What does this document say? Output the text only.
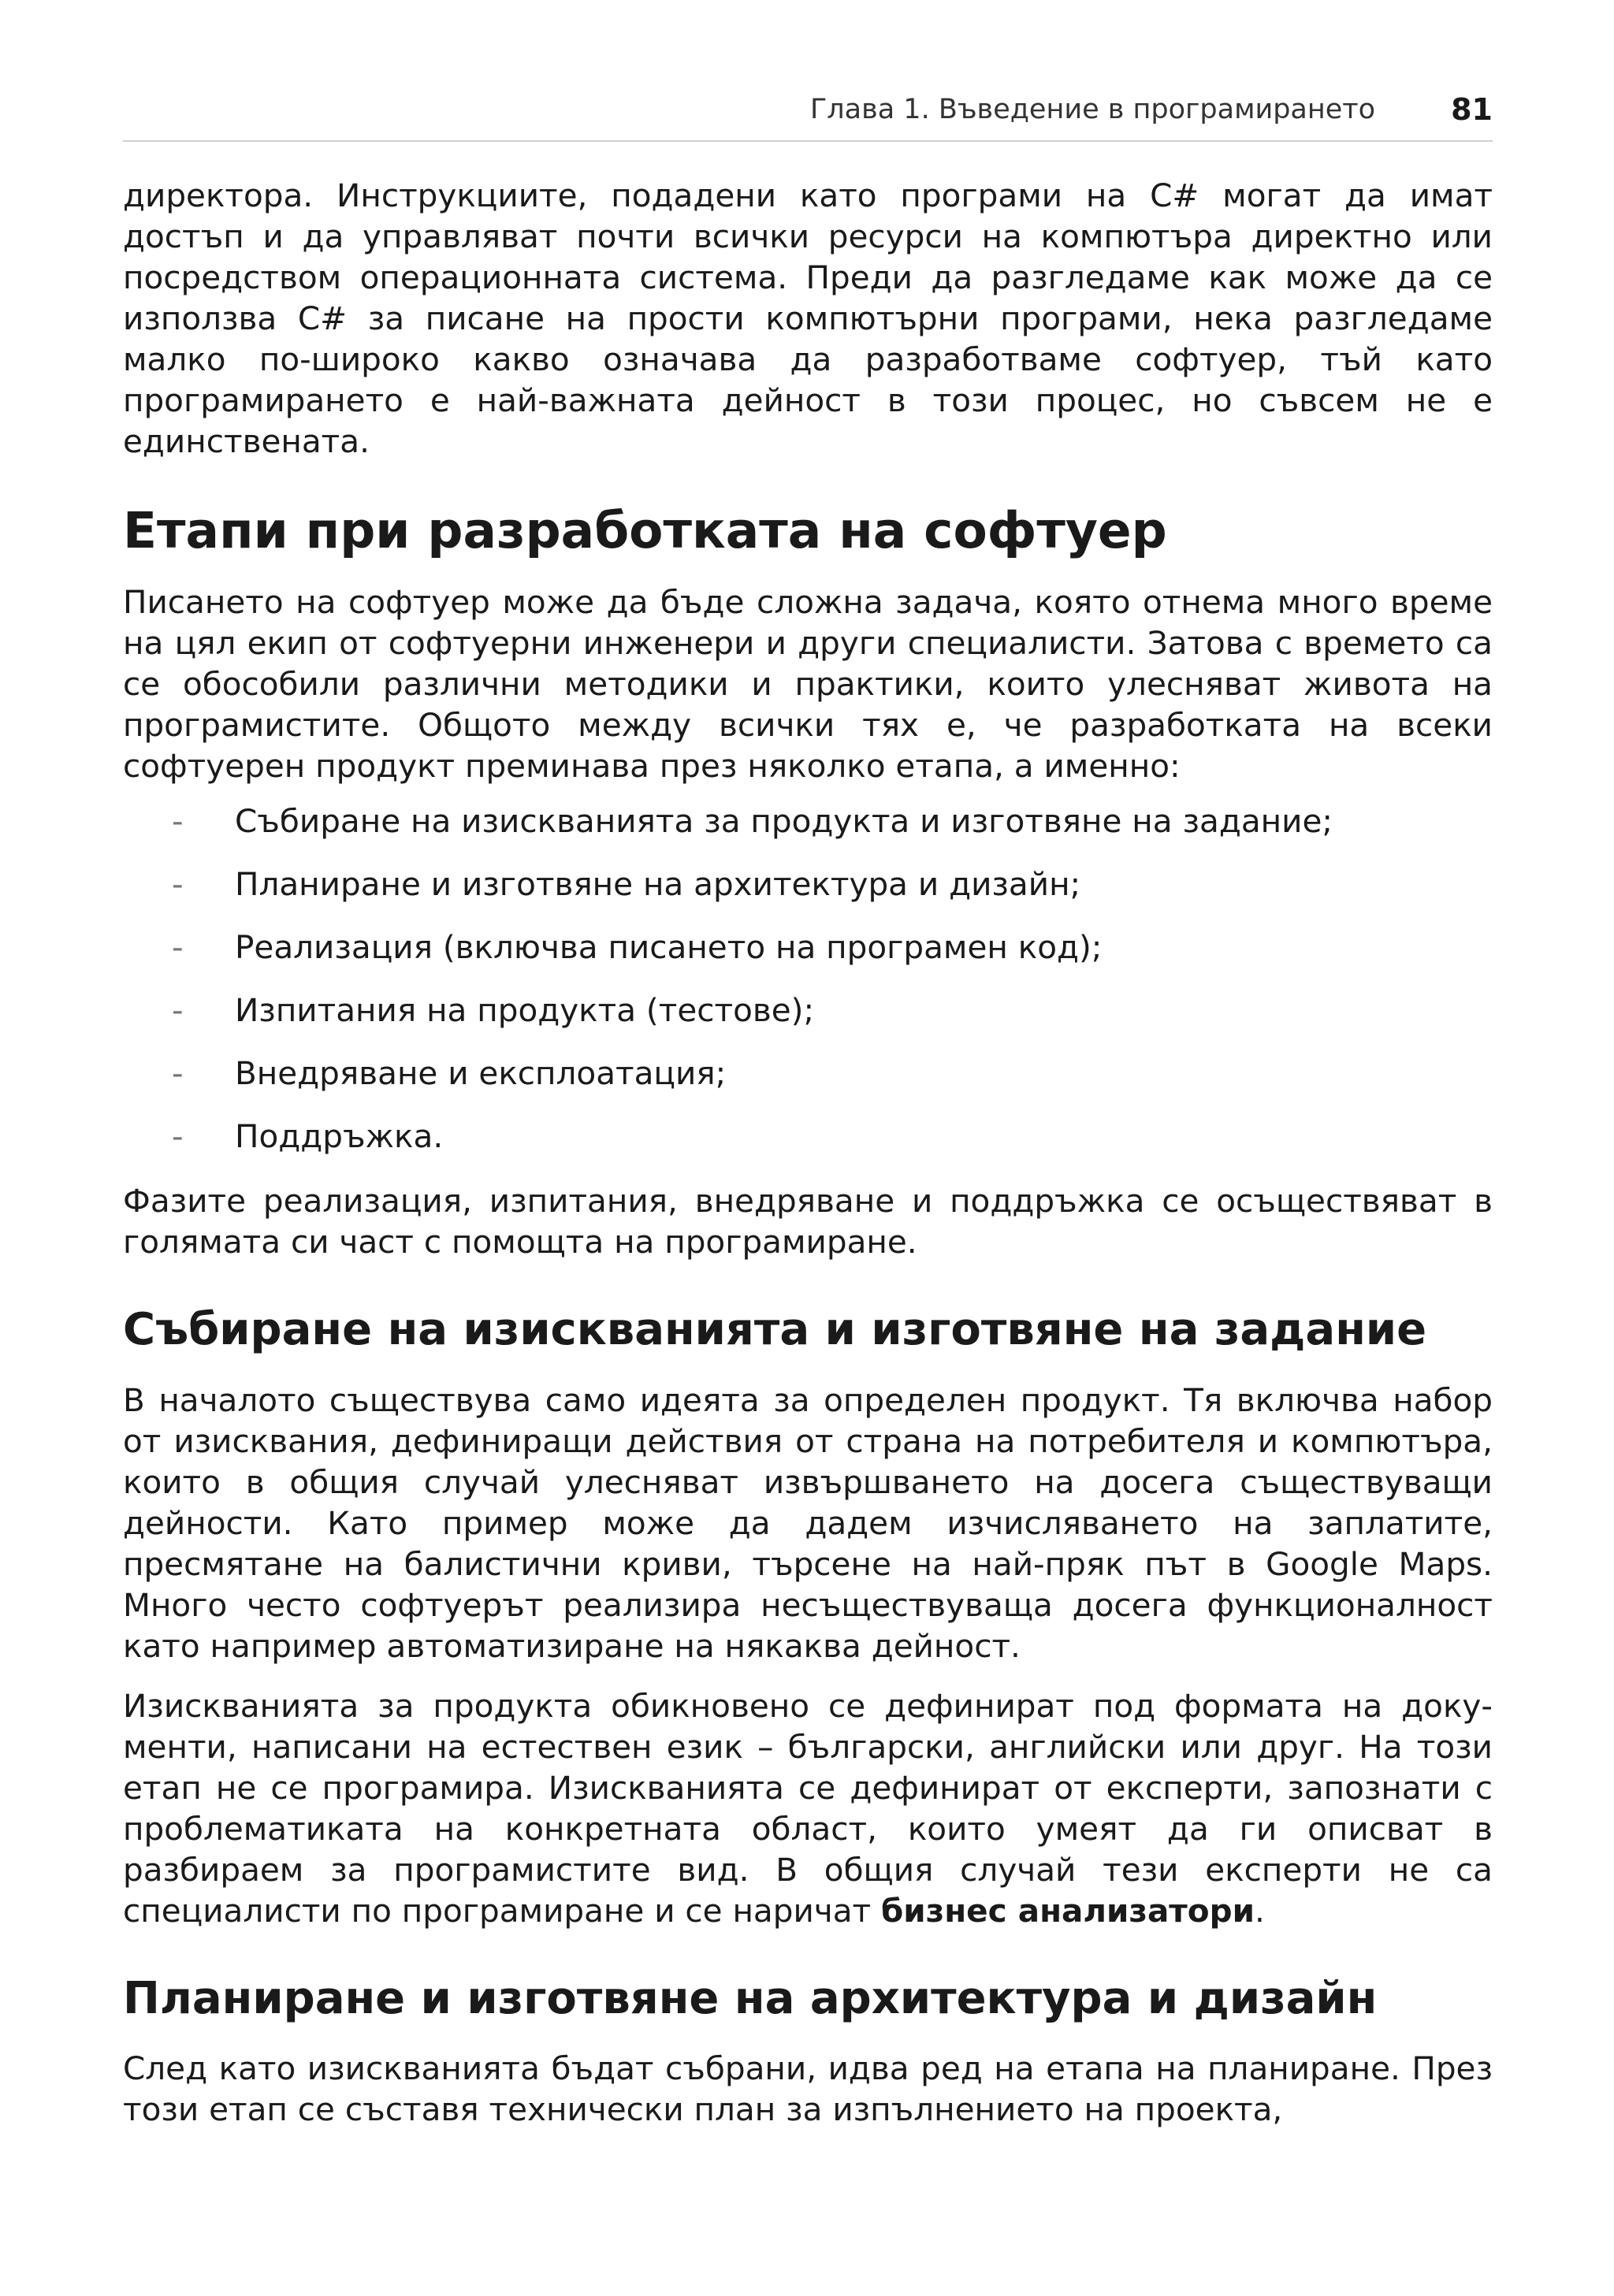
Глава 1. Въведение в програмирането	81

директора. Инструкциите, подадени като програми на C# могат да имат достъп и да управляват почти всички ресурси на компютъра директно или посредством операционната система. Преди да разгледаме как може да се използва C# за писане на прости компютърни програми, нека разгледаме малко по-широко какво означава да разработваме софтуер, тъй като програмирането е най-важната дейност в този процес, но съвсем не е единствената.

Етапи при разработката на софтуер

Писането на софтуер може да бъде сложна задача, която отнема много време на цял екип от софтуерни инженери и други специалисти. Затова с времето са се обособили различни методики и практики, които улесняват живота на програмистите. Общото между всички тях е, че разработката на всеки софтуерен продукт преминава през няколко етапа, а именно:

- Събиране на изискванията за продукта и изготвяне на задание;
- Планиране и изготвяне на архитектура и дизайн;
- Реализация (включва писането на програмен код);
- Изпитания на продукта (тестове);
- Внедряване и експлоатация;
- Поддръжка.

Фазите реализация, изпитания, внедряване и поддръжка се осъществяват в голямата си част с помощта на програмиране.

Събиране на изискванията и изготвяне на задание

В началото съществува само идеята за определен продукт. Тя включва набор от изисквания, дефиниращи действия от страна на потребителя и компютъра, които в общия случай улесняват извършването на досега съществуващи дейности. Като пример може да дадем изчисляването на заплатите, пресмятане на балистични криви, търсене на най-пряк път в Google Maps. Много често софтуерът реализира несъществуваща досега функционалност като например автоматизиране на някаква дейност.

Изискванията за продукта обикновено се дефинират под формата на документи, написани на естествен език – български, английски или друг. На този етап не се програмира. Изискванията се дефинират от експерти, запознати с проблематиката на конкретната област, които умеят да ги описват в разбираем за програмистите вид. В общия случай тези експерти не са специалисти по програмиране и се наричат бизнес анализатори.

Планиране и изготвяне на архитектура и дизайн

След като изискванията бъдат събрани, идва ред на етапа на планиране. През този етап се съставя технически план за изпълнението на проекта,
